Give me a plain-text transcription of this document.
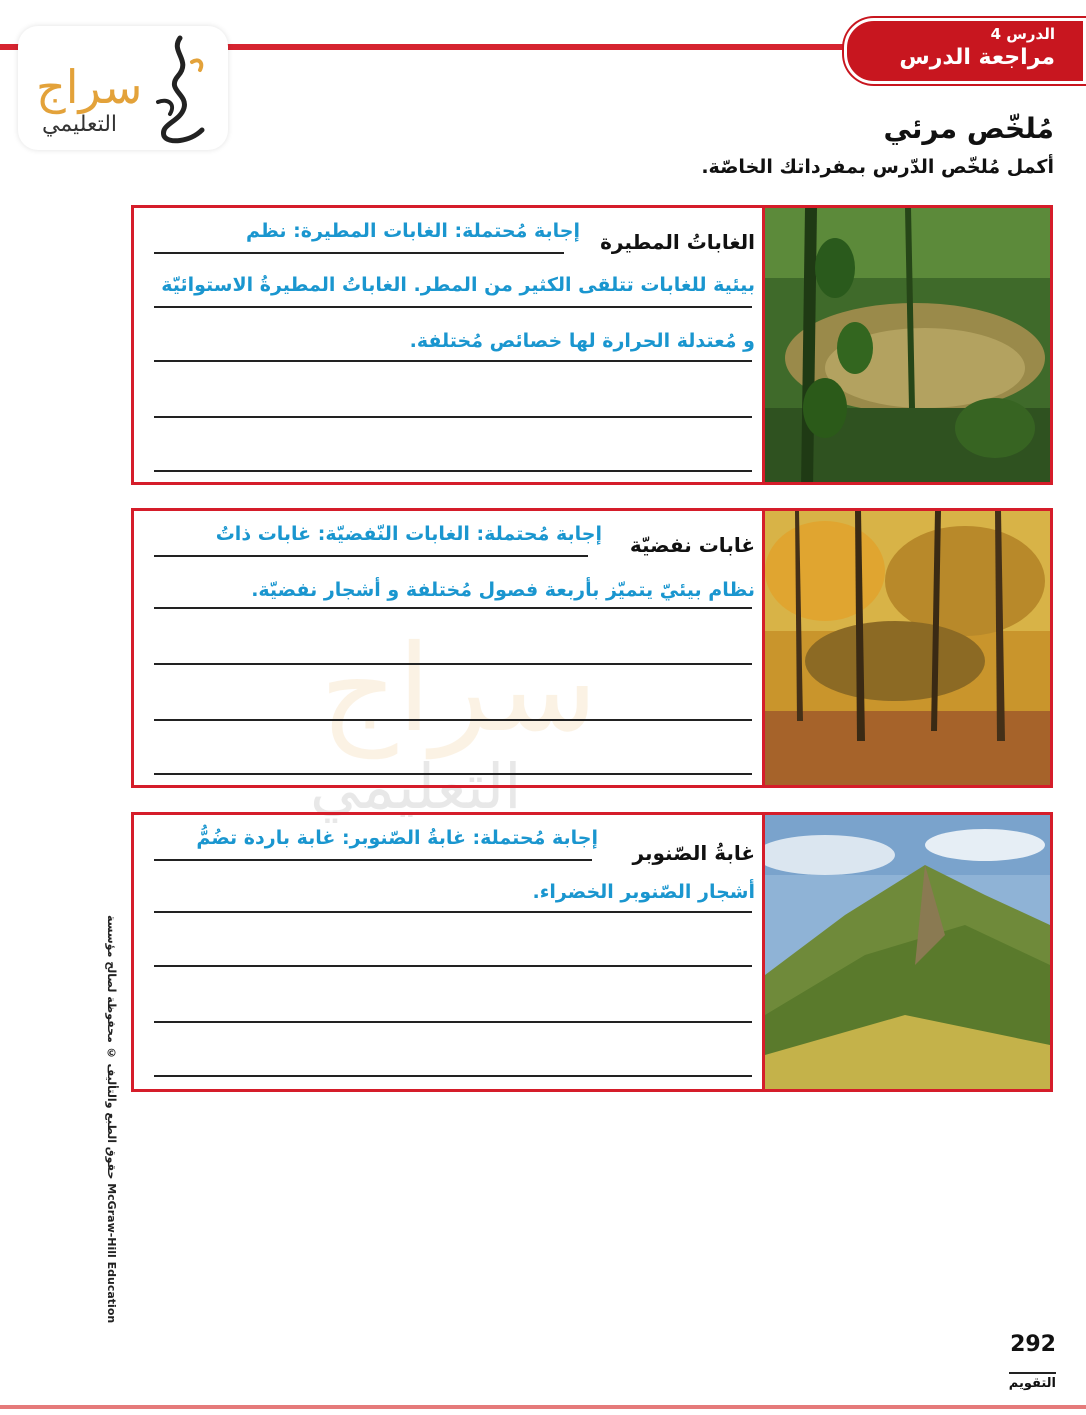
الدرس 4
مراجعة الدرس
سراج
التعليمي	مُلخّص مرئي
أكمل مُلخّص الدّرس بمفرداتك الخاصّة.
سراج
التعليمي
الغاباتُ المطيرة
إجابة مُحتملة: الغابات المطيرة: نظم
بيئية للغابات تتلقى الكثير من المطر. الغاباتُ المطيرةُ الاستوائيّة
و مُعتدلة الحرارة لها خصائص مُختلفة.
غابات نفضيّة
إجابة مُحتملة: الغابات النّفضيّة: غابات ذاتُ
نظام بيئيّ يتميّز بأربعة فصول مُختلفة و أشجار نفضيّة.
غابةُ الصّنوبر
إجابة مُحتملة: غابةُ الصّنوبر: غابة باردة تضُمُّ
أشجار الصّنوبر الخضراء.
حقوق الطبع والتأليف © محفوظة لصالح مؤسسة McGraw-Hill Education
292
التقويم
